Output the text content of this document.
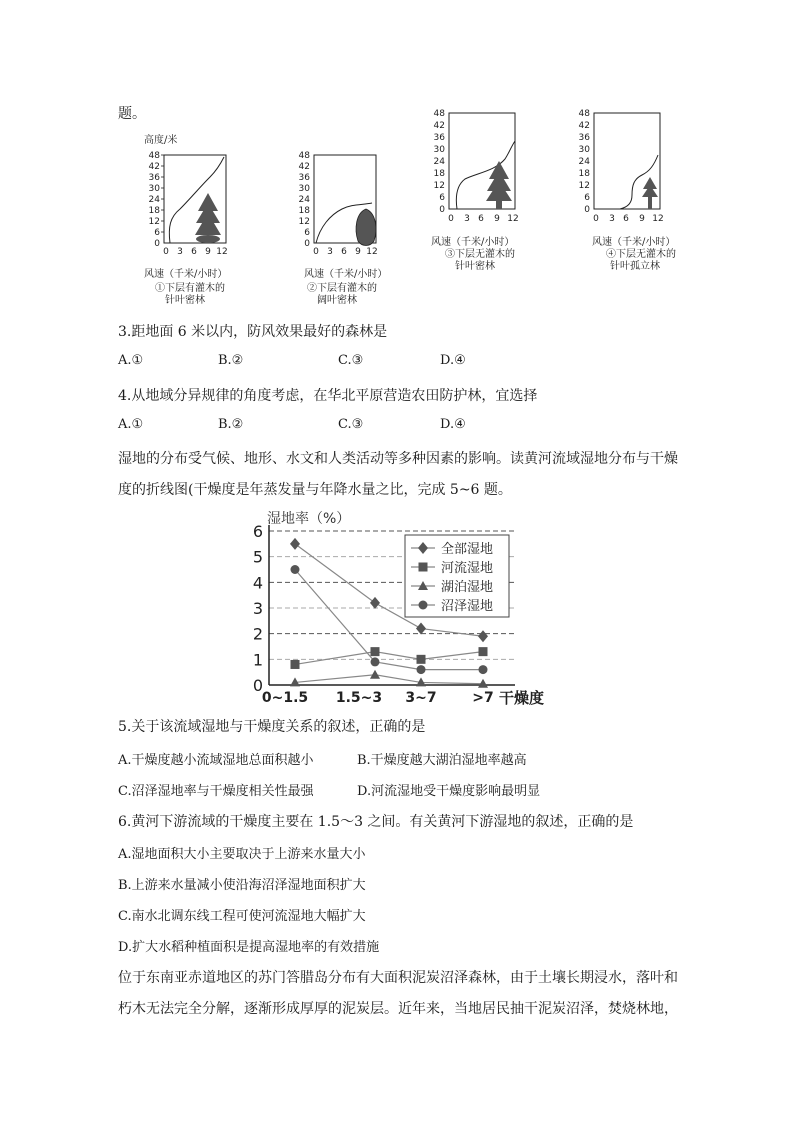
题。
高度/米
48
42
36
30
24
18
12
6
0
0 3 6 9 12
风速（千米/小时）
①下层有灌木的
针叶密林
48
42
36
30
24
18
12
6
0
0 3 6 9 12
风速（千米/小时）
②下层有灌木的
阔叶密林
48
42
36
30
24
18
12
6
0
0 3 6 9 12
风速（千米/小时）
③下层无灌木的
针叶密林
48
42
36
30
24
18
12
6
0
0 3 6 9 12
风速（千米/小时）
④下层无灌木的
针叶孤立林
3.距地面 6 米以内，防风效果最好的森林是
A.①	B.②	C.③	D.④
4.从地域分异规律的角度考虑，在华北平原营造农田防护林，宜选择
A.①	B.②	C.③	D.④
湿地的分布受气候、地形、水文和人类活动等多种因素的影响。读黄河流域湿地分布与干燥
度的折线图(干燥度是年蒸发量与年降水量之比，完成 5~6 题。
湿地率（%）
0
1
2
3
4
5
6
0~1.5 1.5~3 3~7	>7 干燥度
全部湿地
河流湿地
湖泊湿地
沼泽湿地
5.关于该流域湿地与干燥度关系的叙述，正确的是
A.干燥度越小流域湿地总面积越小	B.干燥度越大湖泊湿地率越高
C.沼泽湿地率与干燥度相关性最强	D.河流湿地受干燥度影响最明显
6.黄河下游流域的干燥度主要在 1.5～3 之间。有关黄河下游湿地的叙述，正确的是
A.湿地面积大小主要取决于上游来水量大小
B.上游来水量减小使沿海沼泽湿地面积扩大
C.南水北调东线工程可使河流湿地大幅扩大
D.扩大水稻种植面积是提高湿地率的有效措施
位于东南亚赤道地区的苏门答腊岛分布有大面积泥炭沼泽森林，由于土壤长期浸水，落叶和
朽木无法完全分解，逐渐形成厚厚的泥炭层。近年来，当地居民抽干泥炭沼泽，焚烧林地，
